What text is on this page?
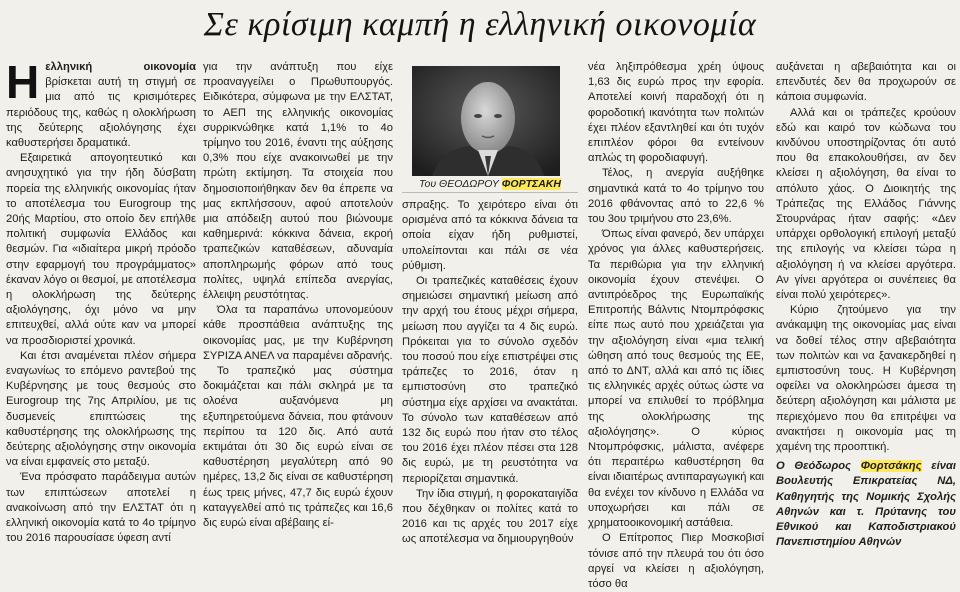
Σε κρίσιμη καμπή η ελληνική οικονομία

Ηελληνική οικονομία βρίσκεται αυτή τη στιγμή σε μια από τις κρισιμότερες περιόδους της, καθώς η ολοκλήρωση της δεύτερης αξιολόγησης έχει καθυστερήσει δραματικά.

Εξαιρετικά απογοητευτικό και ανησυχητικό για την ήδη δύσβατη πορεία της ελληνικής οικονομίας ήταν το αποτέλεσμα του Eurogroup της 20ής Μαρτίου, στο οποίο δεν επήλθε πολιτική συμφωνία Ελλάδος και θεσμών. Για «ιδιαίτερα μικρή πρόοδο στην εφαρμογή του προγράμματος» έκαναν λόγο οι θεσμοί, με αποτέλεσμα η ολοκλήρωση της δεύτερης αξιολόγησης, όχι μόνο να μην επιτευχθεί, αλλά ούτε καν να μπορεί να προσδιοριστεί χρονικά.

Και έτσι αναμένεται πλέον σήμερα εναγωνίως το επόμενο ραντεβού της Κυβέρνησης με τους θεσμούς στο Eurogroup της 7ης Απριλίου, με τις δυσμενείς επιπτώσεις της καθυστέρησης της ολοκλήρωσης της δεύτερης αξιολόγησης στην οικονομία να είναι εμφανείς στο μεταξύ.

Ένα πρόσφατο παράδειγμα αυτών των επιπτώσεων αποτελεί η ανακοίνωση από την ΕΛΣΤΑΤ ότι η ελληνική οικονομία κατά το 4ο τρίμηνο του 2016 παρουσίασε ύφεση αντί

για την ανάπτυξη που είχε προαναγγείλει ο Πρωθυπουργός. Ειδικότερα, σύμφωνα με την ΕΛΣΤΑΤ, το ΑΕΠ της ελληνικής οικονομίας συρρικνώθηκε κατά 1,1% το 4ο τρίμηνο του 2016, έναντι της αύξησης 0,3% που είχε ανακοινωθεί με την πρώτη εκτίμηση. Τα στοιχεία που δημοσιοποιήθηκαν δεν θα έπρεπε να μας εκπλήσσουν, αφού αποτελούν μια απόδειξη αυτού που βιώνουμε καθημερινά: κόκκινα δάνεια, εκροή τραπεζικών καταθέσεων, αδυναμία αποπληρωμής φόρων από τους πολίτες, υψηλά επίπεδα ανεργίας, έλλειψη ρευστότητας.

Όλα τα παραπάνω υπονομεύουν κάθε προσπάθεια ανάπτυξης της οικονομίας μας, με την Κυβέρνηση ΣΥΡΙΖΑ ΑΝΕΛ να παραμένει αδρανής.

Το τραπεζικό μας σύστημα δοκιμάζεται και πάλι σκληρά με τα ολοένα αυξανόμενα μη εξυπηρετούμενα δάνεια, που φτάνουν περίπου τα 120 δις. Από αυτά εκτιμάται ότι 30 δις ευρώ είναι σε καθυστέρηση μεγαλύτερη από 90 ημέρες, 13,2 δις είναι σε καθυστέρηση έως τρεις μήνες, 47,7 δις ευρώ έχουν καταγγελθεί από τις τράπεζες και 16,6 δις ευρώ είναι αβέβαιης εί-

Του ΘΕΟΔΩΡΟΥ ΦΟΡΤΣΑΚΗ

σπραξης. Το χειρότερο είναι ότι ορισμένα από τα κόκκινα δάνεια τα οποία είχαν ήδη ρυθμιστεί, υπολείπονται και πάλι σε νέα ρύθμιση.

Οι τραπεζικές καταθέσεις έχουν σημειώσει σημαντική μείωση από την αρχή του έτους μέχρι σήμερα, μείωση που αγγίζει τα 4 δις ευρώ. Πρόκειται για το σύνολο σχεδόν του ποσού που είχε επιστρέψει στις τράπεζες το 2016, όταν η εμπιστοσύνη στο τραπεζικό σύστημα είχε αρχίσει να ανακτάται. Το σύνολο των καταθέσεων από 132 δις ευρώ που ήταν στο τέλος του 2016 έχει πλέον πέσει στα 128 δις ευρώ, με τη ρευστότητα να περιορίζεται σημαντικά.

Την ίδια στιγμή, η φοροκαταιγίδα που δέχθηκαν οι πολίτες κατά το 2016 και τις αρχές του 2017 είχε ως αποτέλεσμα να δημιουργηθούν

νέα ληξιπρόθεσμα χρέη ύψους 1,63 δις ευρώ προς την εφορία. Αποτελεί κοινή παραδοχή ότι η φοροδοτική ικανότητα των πολιτών έχει πλέον εξαντληθεί και ότι τυχόν επιπλέον φόροι θα εντείνουν απλώς τη φοροδιαφυγή.

Τέλος, η ανεργία αυξήθηκε σημαντικά κατά το 4ο τρίμηνο του 2016 φθάνοντας από το 22,6 % του 3ου τριμήνου στο 23,6%.

Όπως είναι φανερό, δεν υπάρχει χρόνος για άλλες καθυστερήσεις. Τα περιθώρια για την ελληνική οικονομία έχουν στενέψει. Ο αντιπρόεδρος της Ευρωπαϊκής Επιτροπής Βάλντις Ντομπρόφσκις είπε πως αυτό που χρειάζεται για την αξιολόγηση είναι «μια τελική ώθηση από τους θεσμούς της ΕΕ, από το ΔΝΤ, αλλά και από τις ίδιες τις ελληνικές αρχές ούτως ώστε να μπορεί να επιλυθεί το πρόβλημα της ολοκλήρωσης της αξιολόγησης». Ο κύριος Ντομπρόφσκις, μάλιστα, ανέφερε ότι περαιτέρω καθυστέρηση θα είναι ιδιαιτέρως αντιπαραγωγική και θα ενέχει τον κίνδυνο η Ελλάδα να υποχωρήσει και πάλι σε χρηματοοικονομική αστάθεια.

Ο Επίτροπος Πιερ Μοσκοβισί τόνισε από την πλευρά του ότι όσο αργεί να κλείσει η αξιολόγηση, τόσο θα

αυξάνεται η αβεβαιότητα και οι επενδυτές δεν θα προχωρούν σε κάποια συμφωνία.

Αλλά και οι τράπεζες κρούουν εδώ και καιρό τον κώδωνα του κινδύνου υποστηρίζοντας ότι αυτό που θα επακολουθήσει, αν δεν κλείσει η αξιολόγηση, θα είναι το απόλυτο χάος. Ο Διοικητής της Τράπεζας της Ελλάδος Γιάννης Στουρνάρας ήταν σαφής: «Δεν υπάρχει ορθολογική επιλογή μεταξύ της επιλογής να κλείσει τώρα η αξιολόγηση ή να κλείσει αργότερα. Αν γίνει αργότερα οι συνέπειες θα είναι πολύ χειρότερες».

Κύριο ζητούμενο για την ανάκαμψη της οικονομίας μας είναι να δοθεί τέλος στην αβεβαιότητα των πολιτών και να ξανακερδηθεί η εμπιστοσύνη τους. Η Κυβέρνηση οφείλει να ολοκληρώσει άμεσα τη δεύτερη αξιολόγηση και μάλιστα με περιεχόμενο που θα επιτρέψει να ανακτήσει η οικονομία μας τη χαμένη της προοπτική.

Ο Θεόδωρος Φορτσάκης είναι Βουλευτής Επικρατείας ΝΔ, Καθηγητής της Νομικής Σχολής Αθηνών και τ. Πρύτανης του Εθνικού και Καποδιστριακού Πανεπιστημίου Αθηνών
